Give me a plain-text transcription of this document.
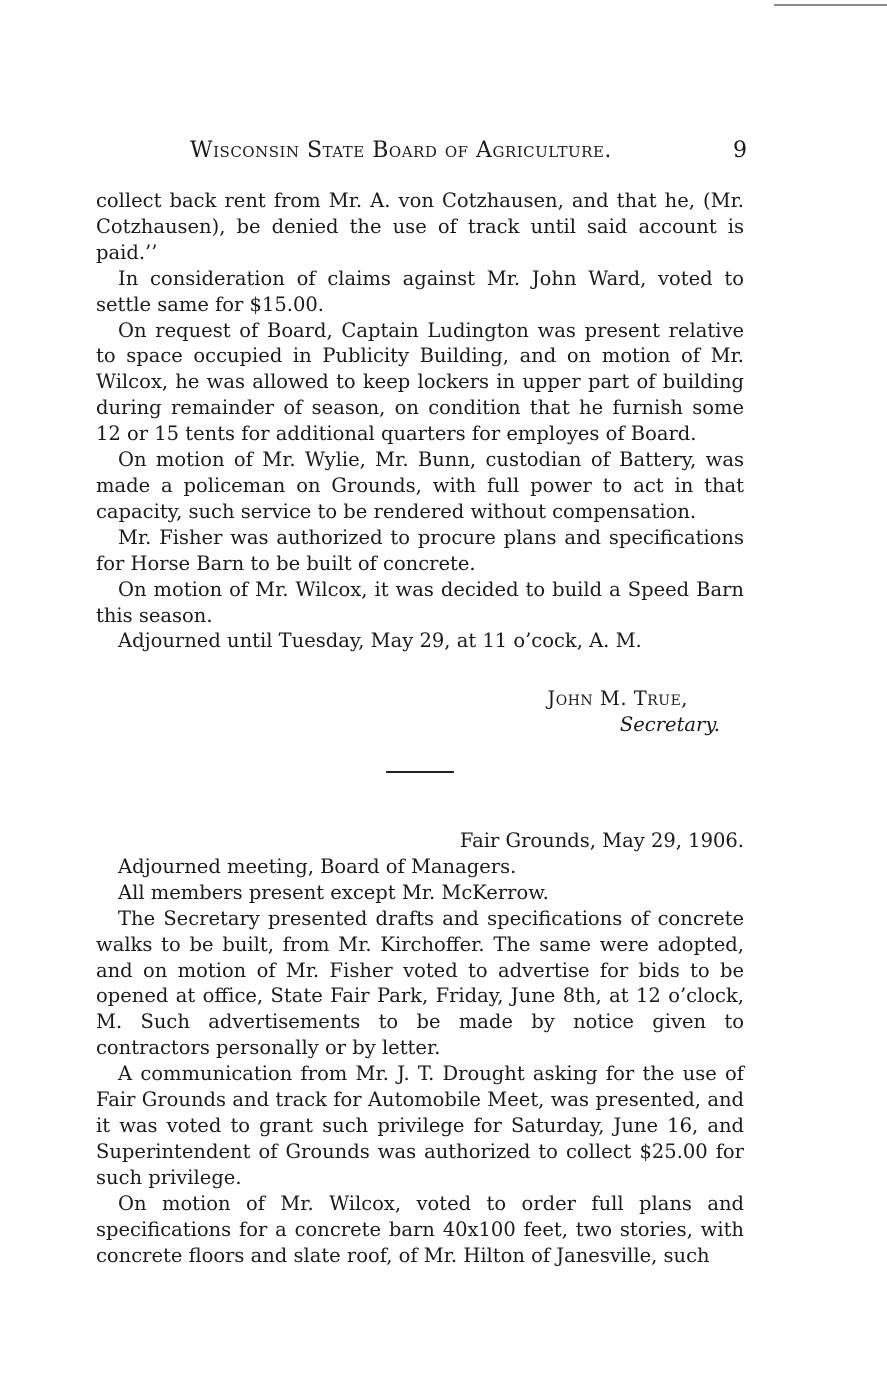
Wisconsin State Board of Agriculture.	9

collect back rent from Mr. A. von Cotzhausen, and that he, (Mr. Cotzhausen), be denied the use of track until said account is paid.’’

In consideration of claims against Mr. John Ward, voted to settle same for $15.00.

On request of Board, Captain Ludington was present relative to space occupied in Publicity Building, and on motion of Mr. Wilcox, he was allowed to keep lockers in upper part of building during remainder of season, on condition that he furnish some 12 or 15 tents for additional quarters for employes of Board.

On motion of Mr. Wylie, Mr. Bunn, custodian of Battery, was made a policeman on Grounds, with full power to act in that capacity, such service to be rendered without compensation.

Mr. Fisher was authorized to procure plans and specifications for Horse Barn to be built of concrete.

On motion of Mr. Wilcox, it was decided to build a Speed Barn this season.

Adjourned until Tuesday, May 29, at 11 o’cock, A. M.

John M. True,
Secretary.

Fair Grounds, May 29, 1906.

Adjourned meeting, Board of Managers.

All members present except Mr. McKerrow.

The Secretary presented drafts and specifications of concrete walks to be built, from Mr. Kirchoffer. The same were adopted, and on motion of Mr. Fisher voted to advertise for bids to be opened at office, State Fair Park, Friday, June 8th, at 12 o’clock, M. Such advertisements to be made by notice given to contractors personally or by letter.

A communication from Mr. J. T. Drought asking for the use of Fair Grounds and track for Automobile Meet, was presented, and it was voted to grant such privilege for Saturday, June 16, and Superintendent of Grounds was authorized to collect $25.00 for such privilege.

On motion of Mr. Wilcox, voted to order full plans and specifications for a concrete barn 40x100 feet, two stories, with concrete floors and slate roof, of Mr. Hilton of Janesville, such
